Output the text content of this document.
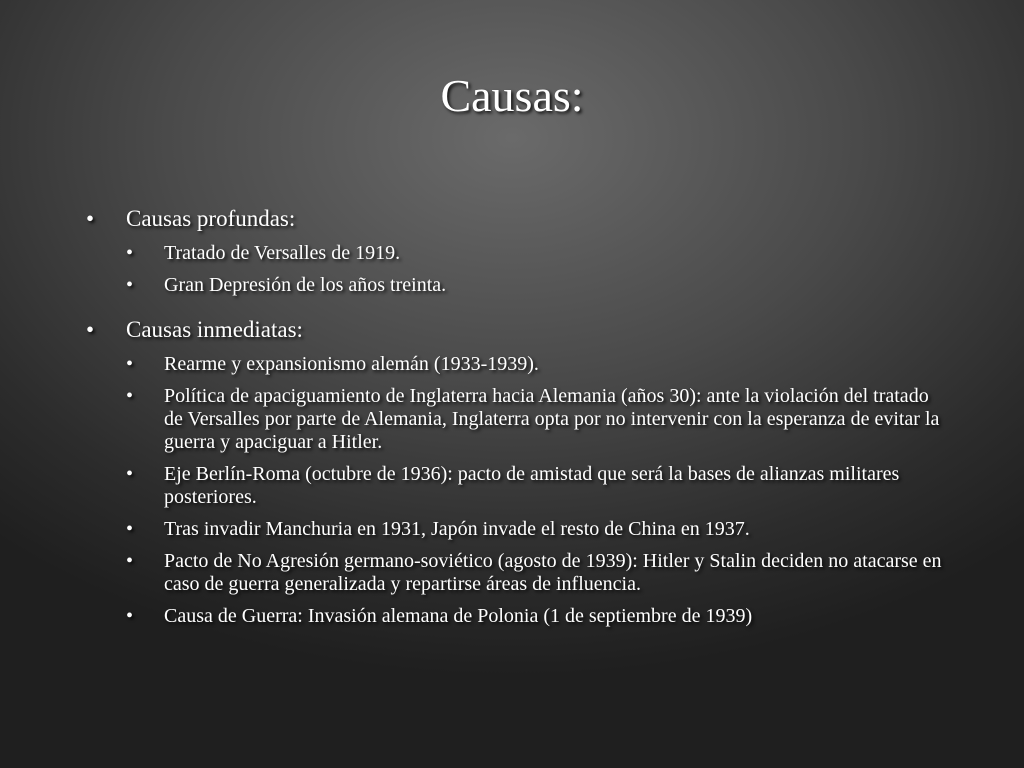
Causas:
• Causas profundas:
• Tratado de Versalles de 1919.
• Gran Depresión de los años treinta.
• Causas inmediatas:
• Rearme y expansionismo alemán (1933-1939).
• Política de apaciguamiento de Inglaterra hacia Alemania (años 30): ante la violación del tratado de Versalles por parte de Alemania, Inglaterra opta por no intervenir con la esperanza de evitar la guerra y apaciguar a Hitler.
• Eje Berlín-Roma (octubre de 1936): pacto de amistad que será la bases de alianzas militares posteriores.
• Tras invadir Manchuria en 1931, Japón invade el resto de China en 1937.
• Pacto de No Agresión germano-soviético (agosto de 1939): Hitler y Stalin deciden no atacarse en caso de guerra generalizada y repartirse áreas de influencia.
• Causa de Guerra: Invasión alemana de Polonia (1 de septiembre de 1939)
